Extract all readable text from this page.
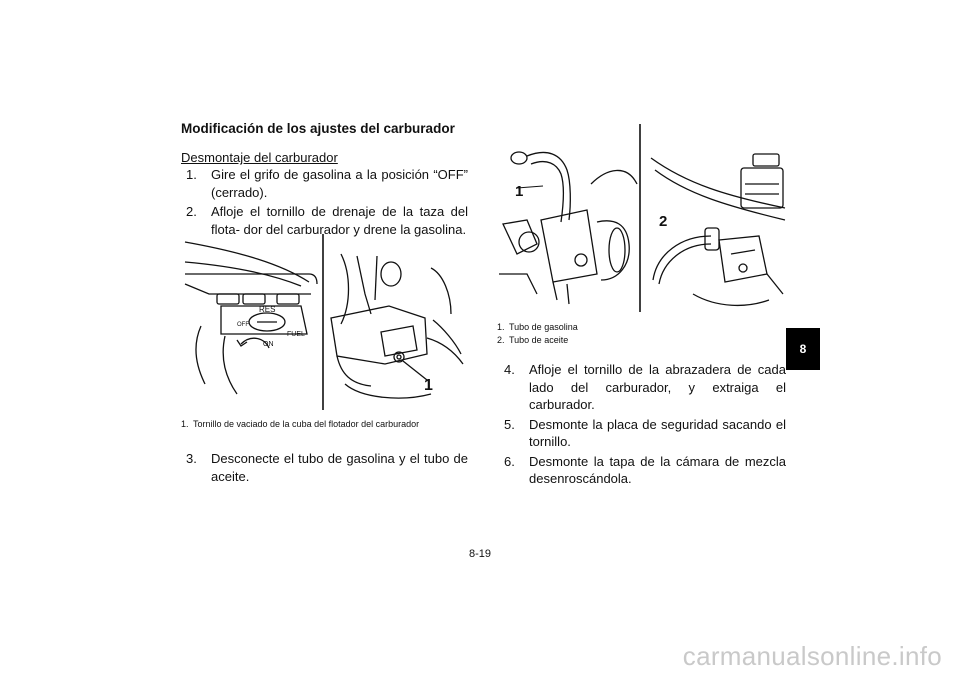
Modificación de los ajustes del carburador
Desmontaje del carburador
1.	Gire el grifo de gasolina a la posición “OFF” (cerrado).
2.	Afloje el tornillo de drenaje de la taza del flota- dor del carburador y drene la gasolina.
RES
OFF
ON
FUEL
1
1. Tornillo de vaciado de la cuba del flotador del carburador
3.	Desconecte el tubo de gasolina y el tubo de aceite.
1
2
1. Tubo de gasolina
2. Tubo de aceite
4.	Afloje el tornillo de la abrazadera de cada lado del carburador, y extraiga el carburador.
5.	Desmonte la placa de seguridad sacando el tornillo.
6.	Desmonte la tapa de la cámara de mezcla desenroscándola.
8
8-19
carmanualsonline.info
